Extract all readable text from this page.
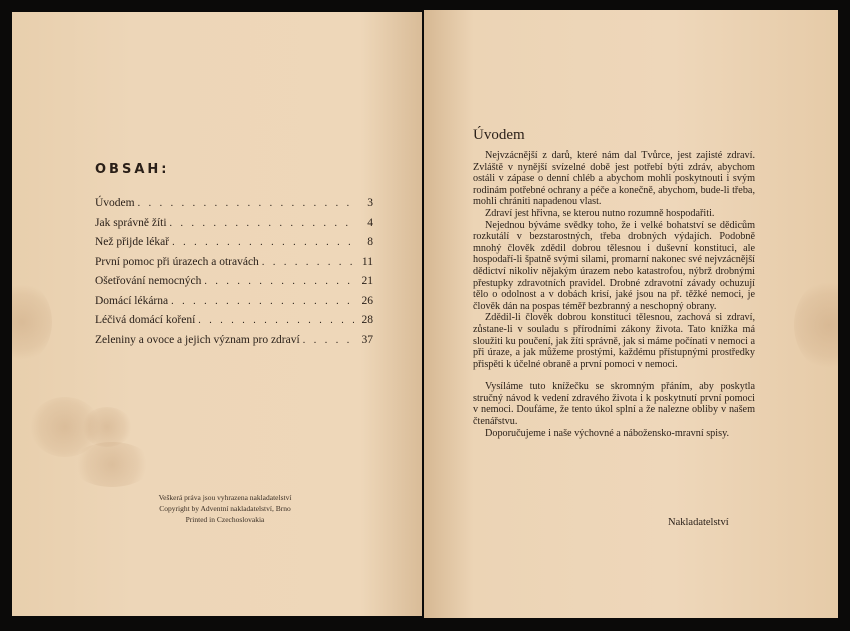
OBSAH:
Úvodem . . .	3
Jak správně žíti . . .	4
Než přijde lékař . . .	8
První pomoc při úrazech a otravách . . .	11
Ošetřování nemocných . . .	21
Domácí lékárna . . .	26
Léčivá domácí koření . . .	28
Zeleniny a ovoce a jejich význam pro zdraví . . .	37
Veškerá práva jsou vyhrazena nakladatelství
Copyright by Adventní nakladatelství, Brno
Printed in Czechoslovakia
Úvodem

Nejvzácnější z darů, které nám dal Tvůrce, jest zajisté zdraví. Zvláště v nynější svízelné době jest potřebí býti zdráv, abychom ostáli v zápase o denní chléb a abychom mohli poskytnouti i svým rodinám potřebné ochrany a péče a konečně, abychom, bude-li třeba, mohli chrániti napadenou vlast.

Zdraví jest hřivna, se kterou nutno rozumně hospodařiti.

Nejednou býváme svědky toho, že i velké bohatství se dědicům rozkutálí v bezstarostných, třeba drobných výdajích. Podobně mnohý člověk zdědil dobrou tělesnou i duševní konstituci, ale hospodaří-li špatně svými silami, promarní nakonec své nejvzácnější dědictví nikoliv nějakým úrazem nebo katastrofou, nýbrž drobnými přestupky zdravotních pravidel. Drobné zdravotní závady ochuzují tělo o odolnost a v dobách krisí, jaké jsou na př. těžké nemoci, je člověk dán na pospas téměř bezbranný a neschopný obrany.

Zdědil-li člověk dobrou konstituci tělesnou, zachová si zdraví, zůstane-li v souladu s přírodními zákony života. Tato knížka má sloužiti ku poučení, jak žíti správně, jak si máme počínati v nemoci a při úraze, a jak můžeme prostými, každému přístupnými prostředky přispěti k účelné obraně a první pomoci v nemoci.

Vysíláme tuto knížečku se skromným přáním, aby poskytla stručný návod k vedení zdravého života i k poskytnutí první pomoci v nemoci. Doufáme, že tento úkol splní a že nalezne obliby v našem čtenářstvu.

Doporučujeme i naše výchovné a nábožensko-mravní spisy.

Nakladatelství
